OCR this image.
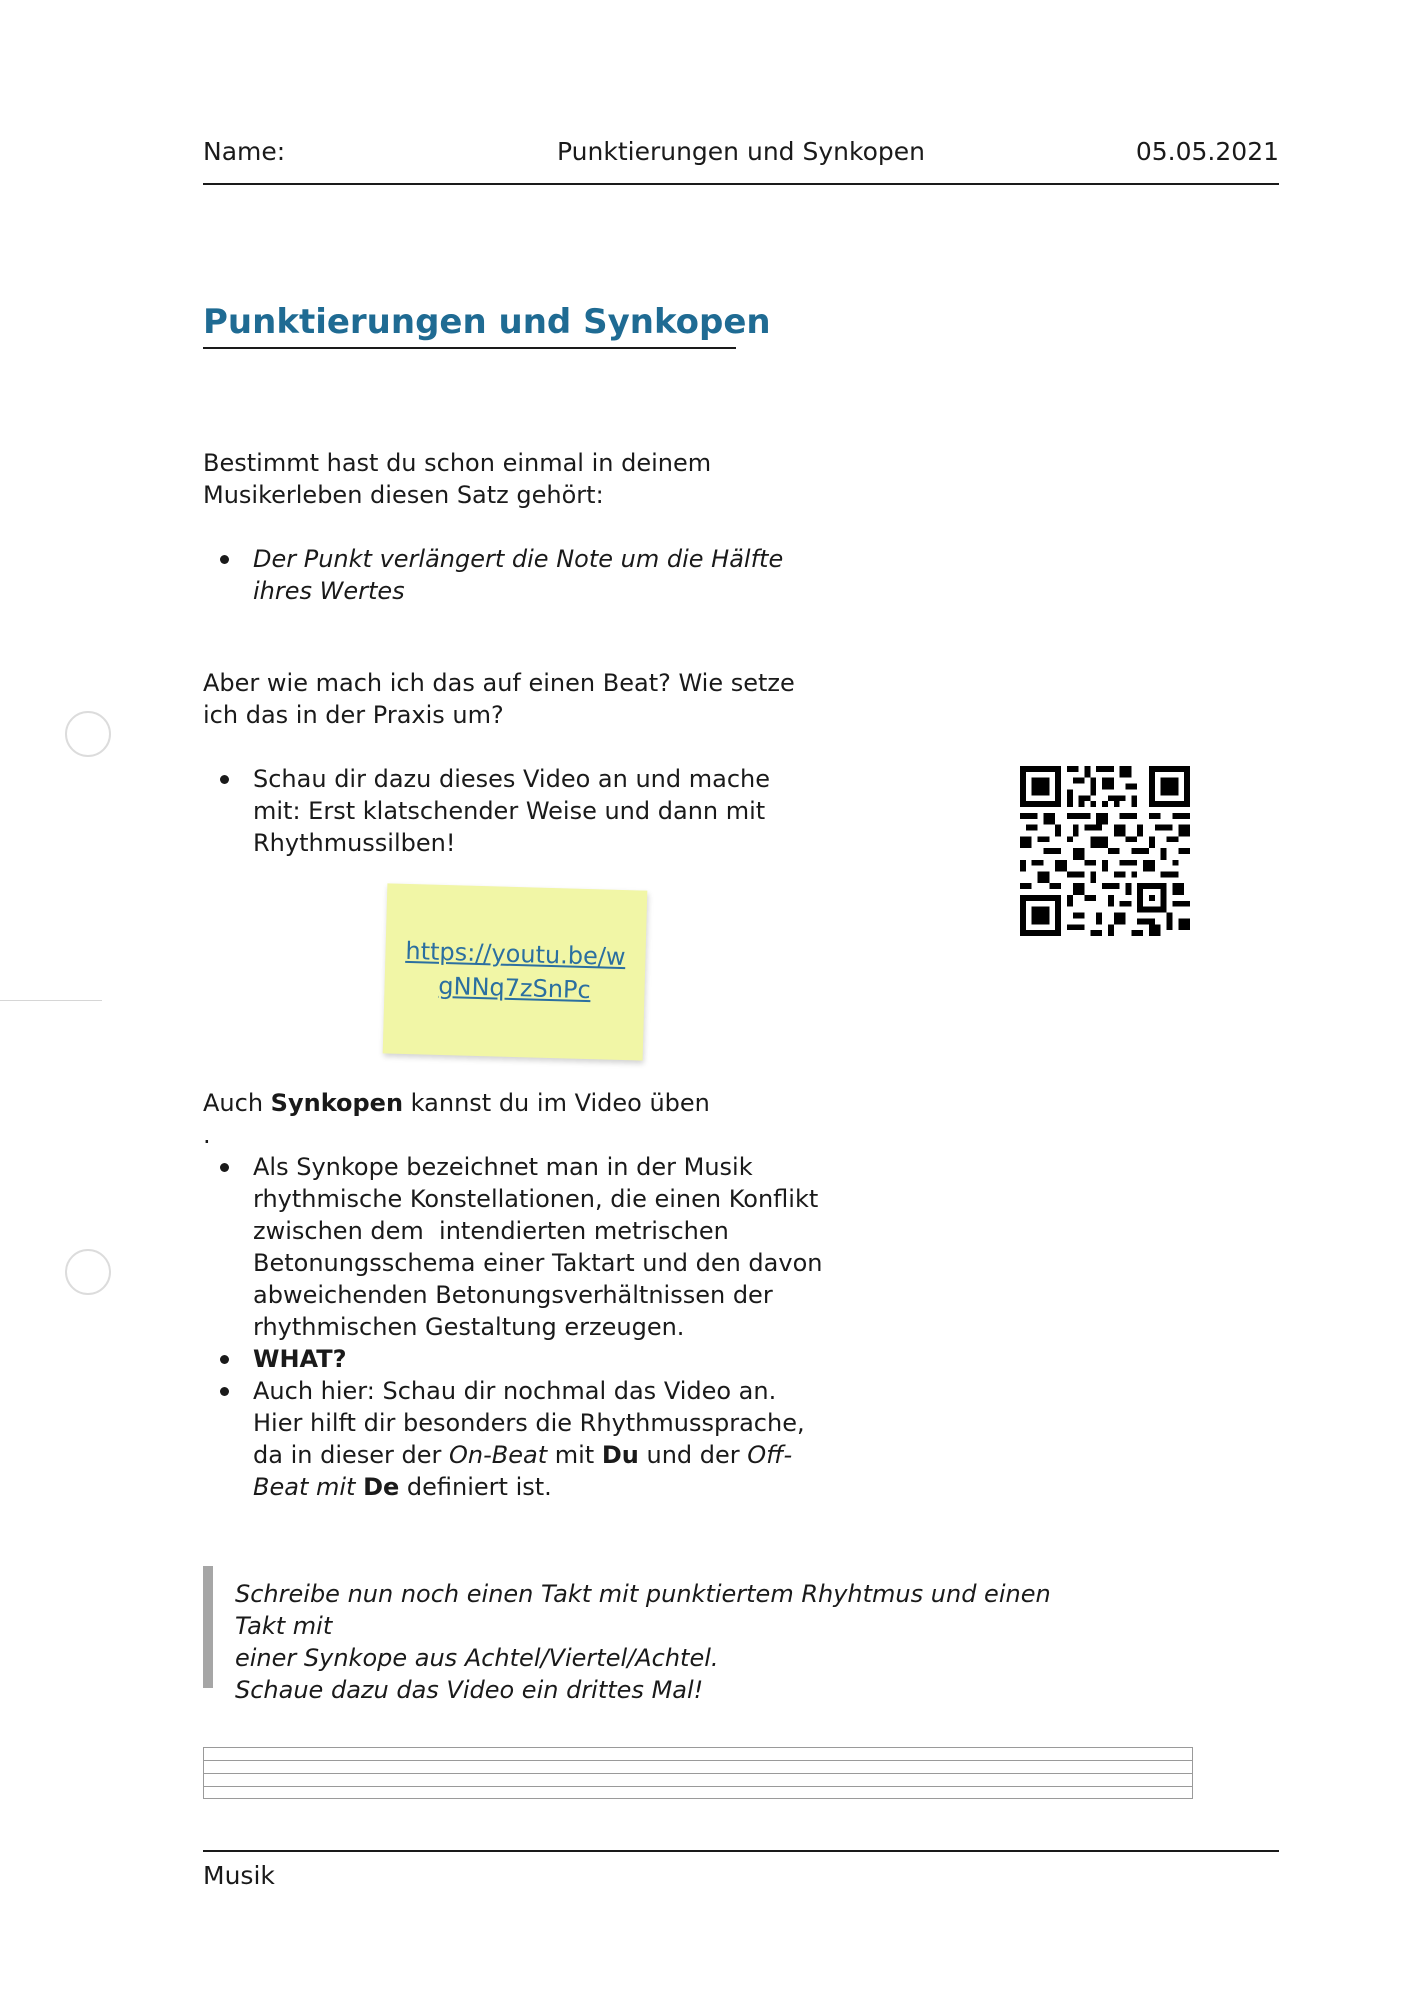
Name:	Punktierungen und Synkopen	05.05.2021
Punktierungen und Synkopen
Bestimmt hast du schon einmal in deinem Musikerleben diesen Satz gehört:
Der Punkt verlängert die Note um die Hälfte ihres Wertes
Aber wie mach ich das auf einen Beat? Wie setze ich das in der Praxis um?
Schau dir dazu dieses Video an und mache mit: Erst klatschender Weise und dann mit Rhythmussilben!
https://youtu.be/wgNNq7zSnPc
Auch Synkopen kannst du im Video üben
.
Als Synkope bezeichnet man in der Musik  rhythmische Konstellationen, die einen Konflikt zwischen dem  intendierten metrischen Betonungsschema einer Taktart und den davon  abweichenden Betonungsverhältnissen der rhythmischen Gestaltung erzeugen.
WHAT?
Auch hier: Schau dir nochmal das Video an. Hier hilft dir besonders die Rhythmussprache, da in dieser der On-Beat mit Du und der Off-Beat mit De definiert ist.
Schreibe nun noch einen Takt mit punktiertem Rhyhtmus und einen Takt mit
einer Synkope aus Achtel/Viertel/Achtel.
Schaue dazu das Video ein drittes Mal!
Musik
